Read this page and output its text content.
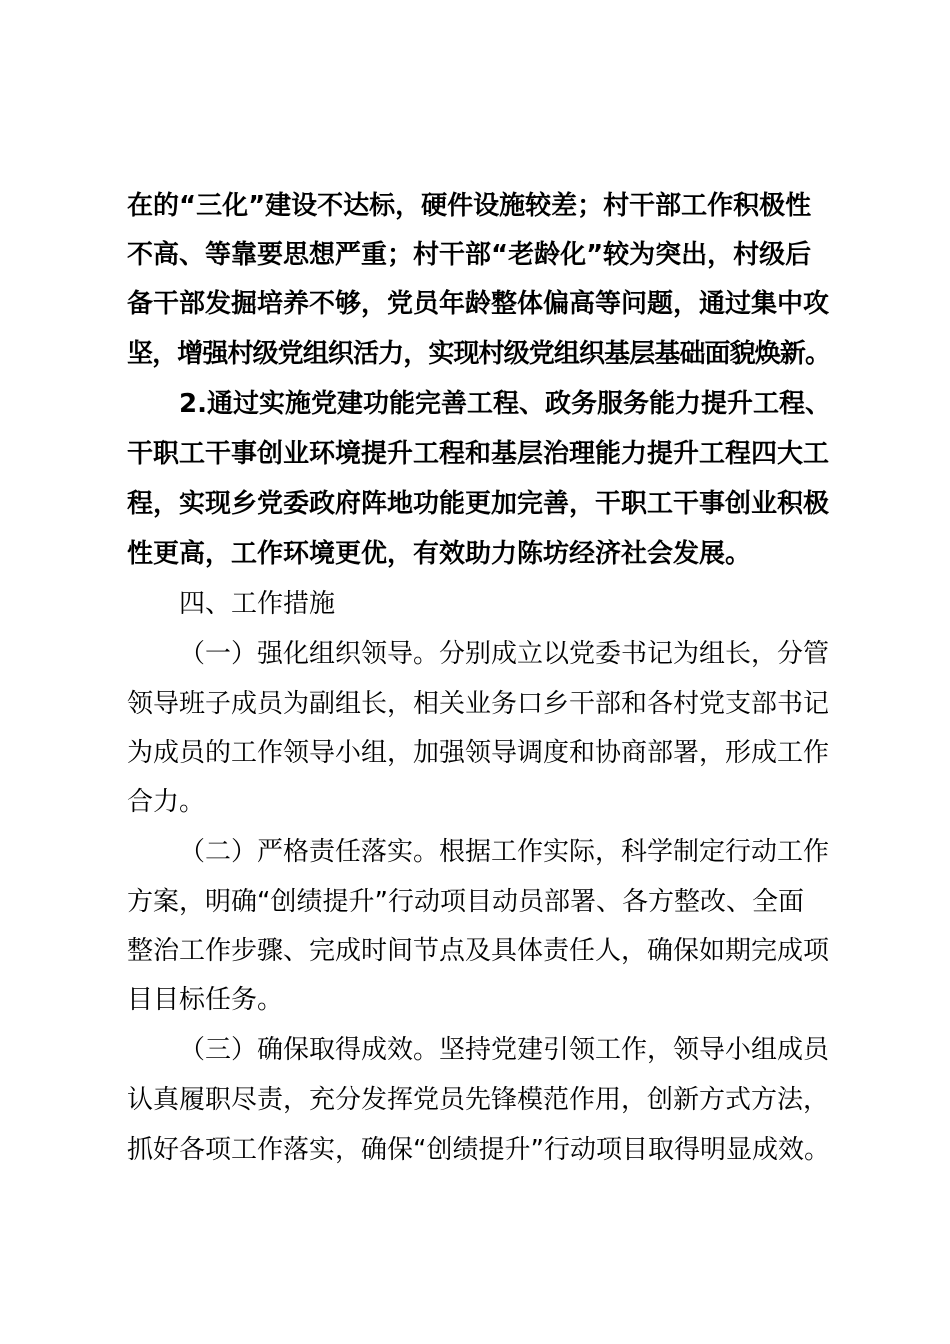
在的“三化”建设不达标，硬件设施较差；村干部工作积极性
不高、等靠要思想严重；村干部“老龄化”较为突出，村级后
备干部发掘培养不够，党员年龄整体偏高等问题，通过集中攻
坚，增强村级党组织活力，实现村级党组织基层基础面貌焕新。
2.通过实施党建功能完善工程、政务服务能力提升工程、
干职工干事创业环境提升工程和基层治理能力提升工程四大工
程，实现乡党委政府阵地功能更加完善，干职工干事创业积极
性更高，工作环境更优，有效助力陈坊经济社会发展。
四、工作措施
（一）强化组织领导。分别成立以党委书记为组长，分管
领导班子成员为副组长，相关业务口乡干部和各村党支部书记
为成员的工作领导小组，加强领导调度和协商部署，形成工作
合力。
（二）严格责任落实。根据工作实际，科学制定行动工作
方案，明确“创绩提升”行动项目动员部署、各方整改、全面
整治工作步骤、完成时间节点及具体责任人，确保如期完成项
目目标任务。
（三）确保取得成效。坚持党建引领工作，领导小组成员
认真履职尽责，充分发挥党员先锋模范作用，创新方式方法，
抓好各项工作落实，确保“创绩提升”行动项目取得明显成效。
